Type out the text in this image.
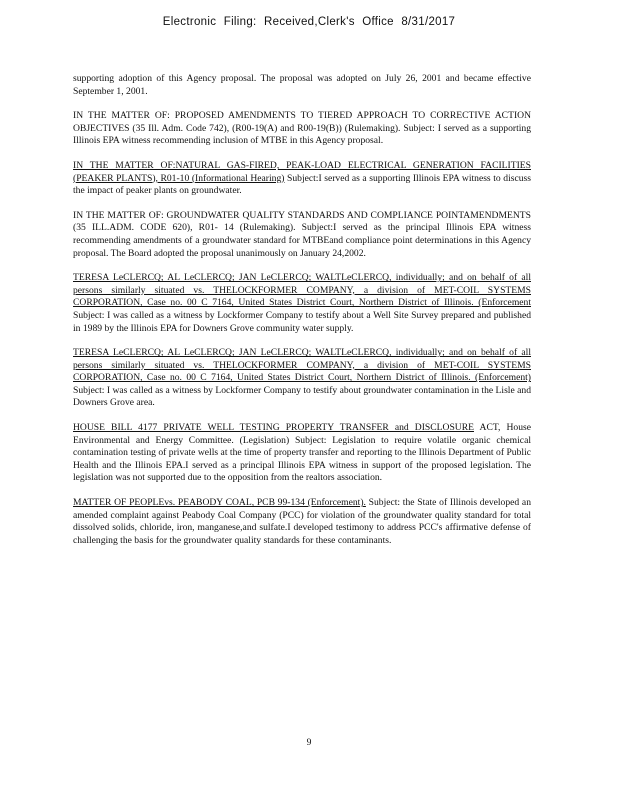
Electronic Filing: Received,Clerk's Office 8/31/2017

supporting adoption of this Agency proposal. The proposal was adopted on July 26, 2001 and became effective September 1, 2001.

IN THE MATTER OF: PROPOSED AMENDMENTS TO TIERED APPROACH TO CORRECTIVE ACTION OBJECTIVES (35 Ill. Adm. Code 742), (R00-19(A) and R00-19(B)) (Rulemaking). Subject: I served as a supporting Illinois EPA witness recommending inclusion of MTBE in this Agency proposal.

IN THE MATTER OF:NATURAL GAS-FIRED, PEAK-LOAD ELECTRICAL GENERATION FACILITIES (PEAKER PLANTS), R01-10 (Informational Hearing) Subject:I served as a supporting Illinois EPA witness to discuss the impact of peaker plants on groundwater.

IN THE MATTER OF: GROUNDWATER QUALITY STANDARDS AND COMPLIANCE POINTAMENDMENTS (35 ILL.ADM. CODE 620), R01- 14 (Rulemaking). Subject:I served as the principal Illinois EPA witness recommending amendments of a groundwater standard for MTBEand compliance point determinations in this Agency proposal. The Board adopted the proposal unanimously on January 24,2002.

TERESA LeCLERCQ; AL LeCLERCQ; JAN LeCLERCQ; WALTLeCLERCQ, individually; and on behalf of all persons similarly situated vs. THELOCKFORMER COMPANY, a division of MET-COIL SYSTEMS CORPORATION, Case no. 00 C 7164, United States District Court, Northern District of Illinois. (Enforcement Subject: I was called as a witness by Lockformer Company to testify about a Well Site Survey prepared and published in 1989 by the Illinois EPA for Downers Grove community water supply.

TERESA LeCLERCQ; AL LeCLERCQ; JAN LeCLERCQ; WALTLeCLERCQ, individually; and on behalf of all persons similarly situated vs. THELOCKFORMER COMPANY, a division of MET-COIL SYSTEMS CORPORATION, Case no. 00 C 7164, United States District Court, Northern District of Illinois. (Enforcement) Subject: I was called as a witness by Lockformer Company to testify about groundwater contamination in the Lisle and Downers Grove area.

HOUSE BILL 4177 PRIVATE WELL TESTING PROPERTY TRANSFER and DISCLOSURE ACT, House Environmental and Energy Committee. (Legislation) Subject: Legislation to require volatile organic chemical contamination testing of private wells at the time of property transfer and reporting to the Illinois Department of Public Health and the Illinois EPA.I served as a principal Illinois EPA witness in support of the proposed legislation. The legislation was not supported due to the opposition from the realtors association.

MATTER OF PEOPLEvs. PEABODY COAL, PCB 99-134 (Enforcement). Subject: the State of Illinois developed an amended complaint against Peabody Coal Company (PCC) for violation of the groundwater quality standard for total dissolved solids, chloride, iron, manganese,and sulfate.I developed testimony to address PCC's affirmative defense of challenging the basis for the groundwater quality standards for these contaminants.

9
